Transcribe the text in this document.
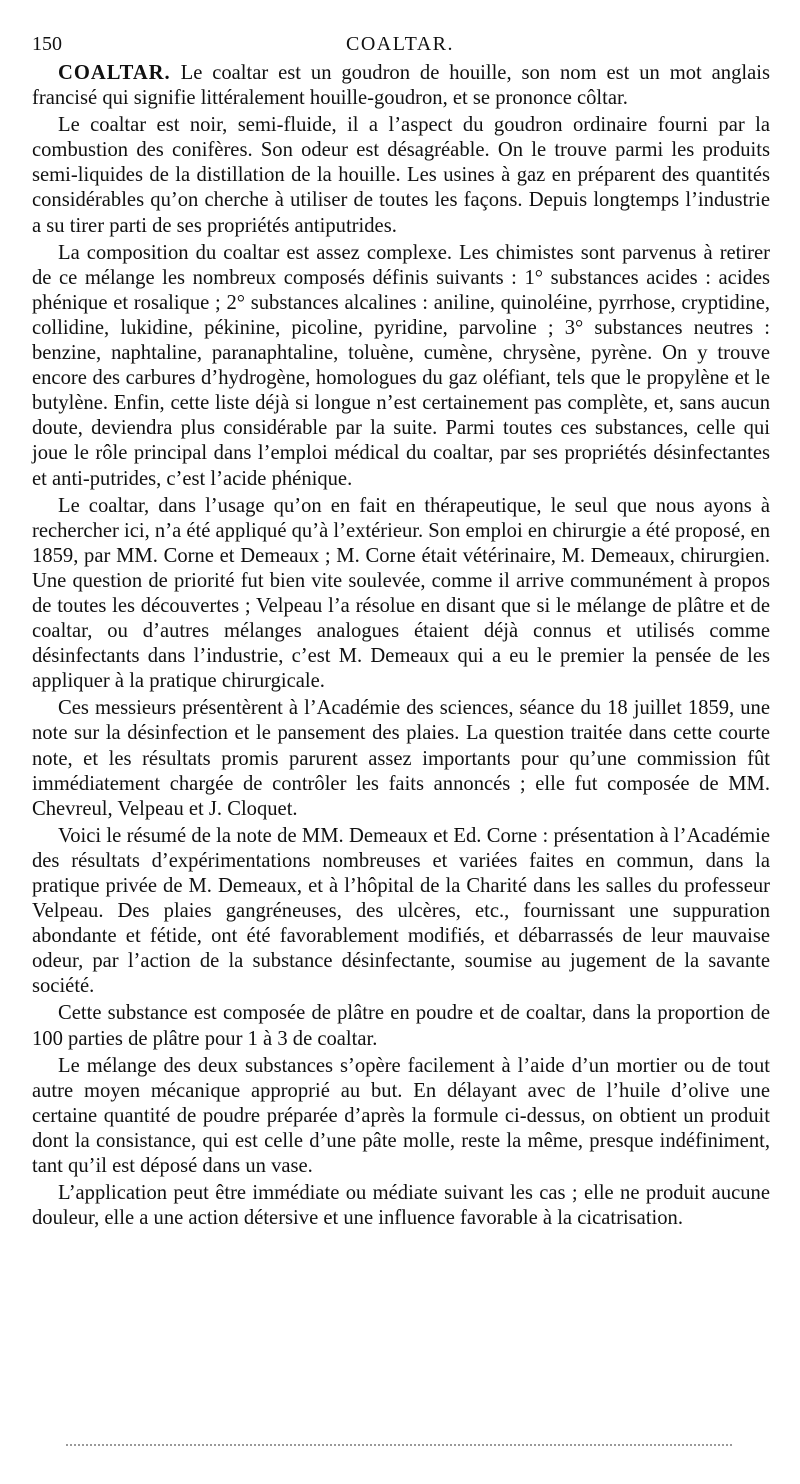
150	COALTAR.

COALTAR. Le coaltar est un goudron de houille, son nom est un mot anglais francisé qui signifie littéralement houille-goudron, et se prononce côltar.

Le coaltar est noir, semi-fluide, il a l’aspect du goudron ordinaire fourni par la combustion des conifères. Son odeur est désagréable. On le trouve parmi les produits semi-liquides de la distillation de la houille. Les usines à gaz en préparent des quantités considérables qu’on cherche à utiliser de toutes les façons. Depuis longtemps l’industrie a su tirer parti de ses propriétés antiputrides.

La composition du coaltar est assez complexe. Les chimistes sont parvenus à retirer de ce mélange les nombreux composés définis suivants : 1° substances acides : acides phénique et rosalique ; 2° substances alcalines : aniline, quinoléine, pyrrhose, cryptidine, collidine, lukidine, pékinine, picoline, pyridine, parvoline ; 3° substances neutres : benzine, naphtaline, paranaphtaline, toluène, cumène, chrysène, pyrène. On y trouve encore des carbures d’hydrogène, homologues du gaz oléfiant, tels que le propylène et le butylène. Enfin, cette liste déjà si longue n’est certainement pas complète, et, sans aucun doute, deviendra plus considérable par la suite. Parmi toutes ces substances, celle qui joue le rôle principal dans l’emploi médical du coaltar, par ses propriétés désinfectantes et anti-putrides, c’est l’acide phénique.

Le coaltar, dans l’usage qu’on en fait en thérapeutique, le seul que nous ayons à rechercher ici, n’a été appliqué qu’à l’extérieur. Son emploi en chirurgie a été proposé, en 1859, par MM. Corne et Demeaux ; M. Corne était vétérinaire, M. Demeaux, chirurgien. Une question de priorité fut bien vite soulevée, comme il arrive communément à propos de toutes les découvertes ; Velpeau l’a résolue en disant que si le mélange de plâtre et de coaltar, ou d’autres mélanges analogues étaient déjà connus et utilisés comme désinfectants dans l’industrie, c’est M. Demeaux qui a eu le premier la pensée de les appliquer à la pratique chirurgicale.

Ces messieurs présentèrent à l’Académie des sciences, séance du 18 juillet 1859, une note sur la désinfection et le pansement des plaies. La question traitée dans cette courte note, et les résultats promis parurent assez importants pour qu’une commission fût immédiatement chargée de contrôler les faits annoncés ; elle fut composée de MM. Chevreul, Velpeau et J. Cloquet.

Voici le résumé de la note de MM. Demeaux et Ed. Corne : présentation à l’Académie des résultats d’expérimentations nombreuses et variées faites en commun, dans la pratique privée de M. Demeaux, et à l’hôpital de la Charité dans les salles du professeur Velpeau. Des plaies gangréneuses, des ulcères, etc., fournissant une suppuration abondante et fétide, ont été favorablement modifiés, et débarrassés de leur mauvaise odeur, par l’action de la substance désinfectante, soumise au jugement de la savante société.

Cette substance est composée de plâtre en poudre et de coaltar, dans la proportion de 100 parties de plâtre pour 1 à 3 de coaltar.

Le mélange des deux substances s’opère facilement à l’aide d’un mortier ou de tout autre moyen mécanique approprié au but. En délayant avec de l’huile d’olive une certaine quantité de poudre préparée d’après la formule ci-dessus, on obtient un produit dont la consistance, qui est celle d’une pâte molle, reste la même, presque indéfiniment, tant qu’il est déposé dans un vase.

L’application peut être immédiate ou médiate suivant les cas ; elle ne produit aucune douleur, elle a une action détersive et une influence favorable à la cicatrisation.
